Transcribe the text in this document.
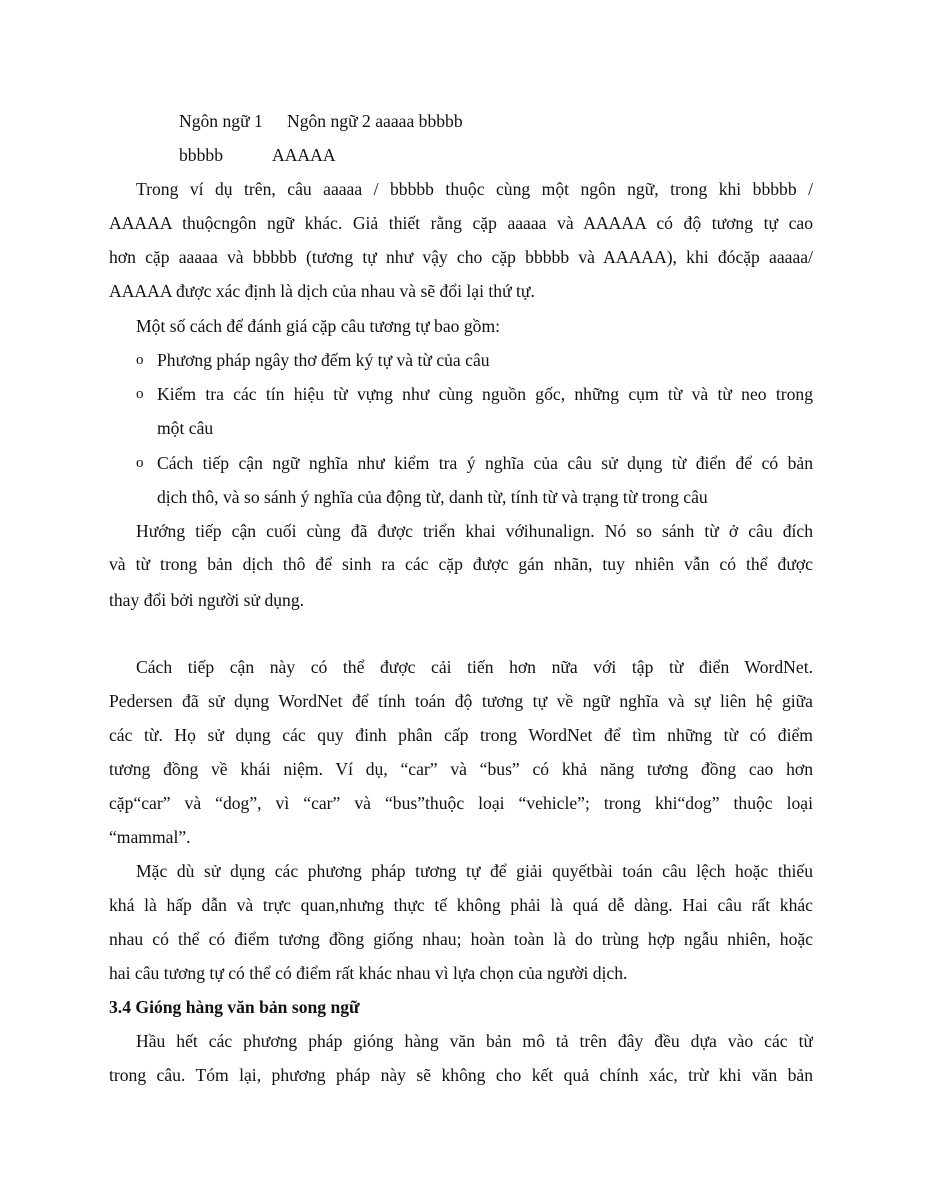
Ngôn ngữ 1 Ngôn ngữ 2 aaaaa bbbbb
bbbbb	AAAAA
Trong ví dụ trên, câu aaaaa / bbbbb thuộc cùng một ngôn ngữ, trong khi bbbbb /
AAAAA thuộcngôn ngữ khác. Giả thiết rằng cặp aaaaa và AAAAA có độ tương tự cao
hơn cặp aaaaa và bbbbb (tương tự như vậy cho cặp bbbbb và AAAAA), khi đócặp aaaaa/
AAAAA được xác định là dịch của nhau và sẽ đổi lại thứ tự.
Một số cách để đánh giá cặp câu tương tự bao gồm:
o Phương pháp ngây thơ đếm ký tự và từ của câu
o Kiểm tra các tín hiệu từ vựng như cùng nguồn gốc, những cụm từ và từ neo trong
một câu
o Cách tiếp cận ngữ nghĩa như kiểm tra ý nghĩa của câu sử dụng từ điển để có bản
dịch thô, và so sánh ý nghĩa của động từ, danh từ, tính từ và trạng từ trong câu
Hướng tiếp cận cuối cùng đã được triển khai vớihunalign. Nó so sánh từ ở câu đích
và từ trong bản dịch thô để sinh ra các cặp được gán nhãn, tuy nhiên vẫn có thể được
thay đổi bởi người sử dụng.
Cách tiếp cận này có thể được cải tiến hơn nữa với tập từ điển WordNet.
Pedersen đã sử dụng WordNet để tính toán độ tương tự về ngữ nghĩa và sự liên hệ giữa
các từ. Họ sử dụng các quy đinh phân cấp trong WordNet để tìm những từ có điểm
tương đồng về khái niệm. Ví dụ, “car” và “bus” có khả năng tương đồng cao hơn
cặp“car” và “dog”, vì “car” và “bus”thuộc loại “vehicle”; trong khi“dog” thuộc loại
“mammal”.
Mặc dù sử dụng các phương pháp tương tự để giải quyếtbài toán câu lệch hoặc thiếu
khá là hấp dẫn và trực quan,nhưng thực tế không phải là quá dễ dàng. Hai câu rất khác
nhau có thể có điểm tương đồng giống nhau; hoàn toàn là do trùng hợp ngẫu nhiên, hoặc
hai câu tương tự có thể có điểm rất khác nhau vì lựa chọn của người dịch.
3.4 Gióng hàng văn bản song ngữ
Hầu hết các phương pháp gióng hàng văn bản mô tả trên đây đều dựa vào các từ
trong câu. Tóm lại, phương pháp này sẽ không cho kết quả chính xác, trừ khi văn bản
